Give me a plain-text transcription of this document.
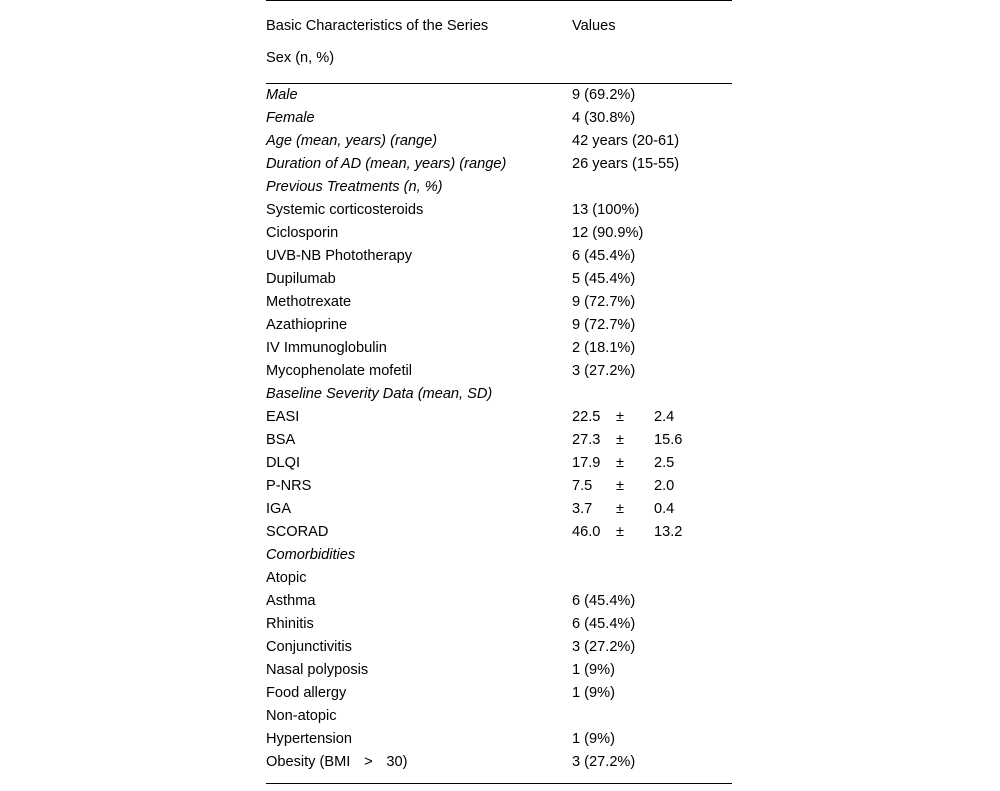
Basic Characteristics of the Series	Values
Sex (n, %)	
Male	9 (69.2%)
Female	4 (30.8%)
Age (mean, years) (range)	42 years (20-61)
Duration of AD (mean, years) (range)	26 years (15-55)
Previous Treatments (n, %)	
Systemic corticosteroids	13 (100%)
Ciclosporin	12 (90.9%)
UVB-NB Phototherapy	6 (45.4%)
Dupilumab	5 (45.4%)
Methotrexate	9 (72.7%)
Azathioprine	9 (72.7%)
IV Immunoglobulin	2 (18.1%)
Mycophenolate mofetil	3 (27.2%)
Baseline Severity Data (mean, SD)	
EASI	22.5 ± 2.4
BSA	27.3 ± 15.6
DLQI	17.9 ± 2.5
P-NRS	7.5 ± 2.0
IGA	3.7 ± 0.4
SCORAD	46.0 ± 13.2
Comorbidities	
Atopic	
Asthma	6 (45.4%)
Rhinitis	6 (45.4%)
Conjunctivitis	3 (27.2%)
Nasal polyposis	1 (9%)
Food allergy	1 (9%)
Non-atopic	
Hypertension	1 (9%)
Obesity (BMI > 30)	3 (27.2%)
